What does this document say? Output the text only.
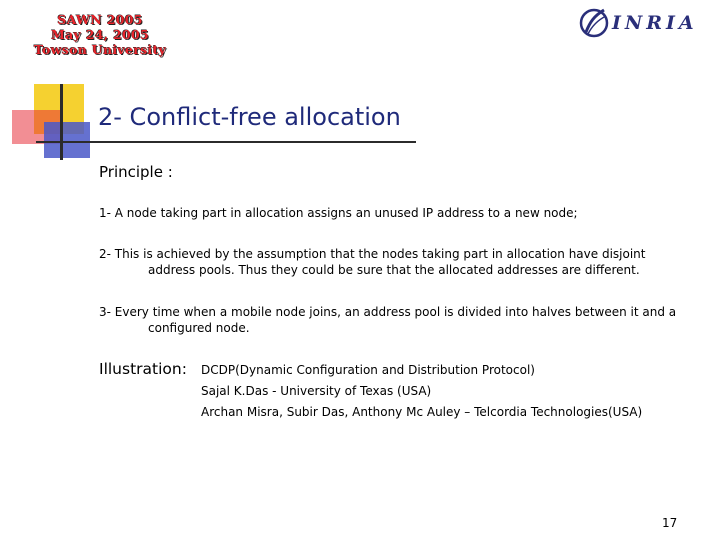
SAWN 2005
May 24, 2005
Towson University
INRIA
2- Conflict-free allocation
Principle :
1- A node taking part in allocation assigns an unused IP address to a new node;
2- This is achieved by the assumption that the nodes taking part in allocation have disjoint
address pools. Thus they could be sure that the allocated addresses are different.
3- Every time when a mobile node joins, an address pool is divided into halves between it and a
configured node.
Illustration: DCDP(Dynamic Configuration and Distribution Protocol)
Sajal K.Das - University of Texas (USA)
Archan Misra, Subir Das, Anthony Mc Auley – Telcordia Technologies(USA)
17
